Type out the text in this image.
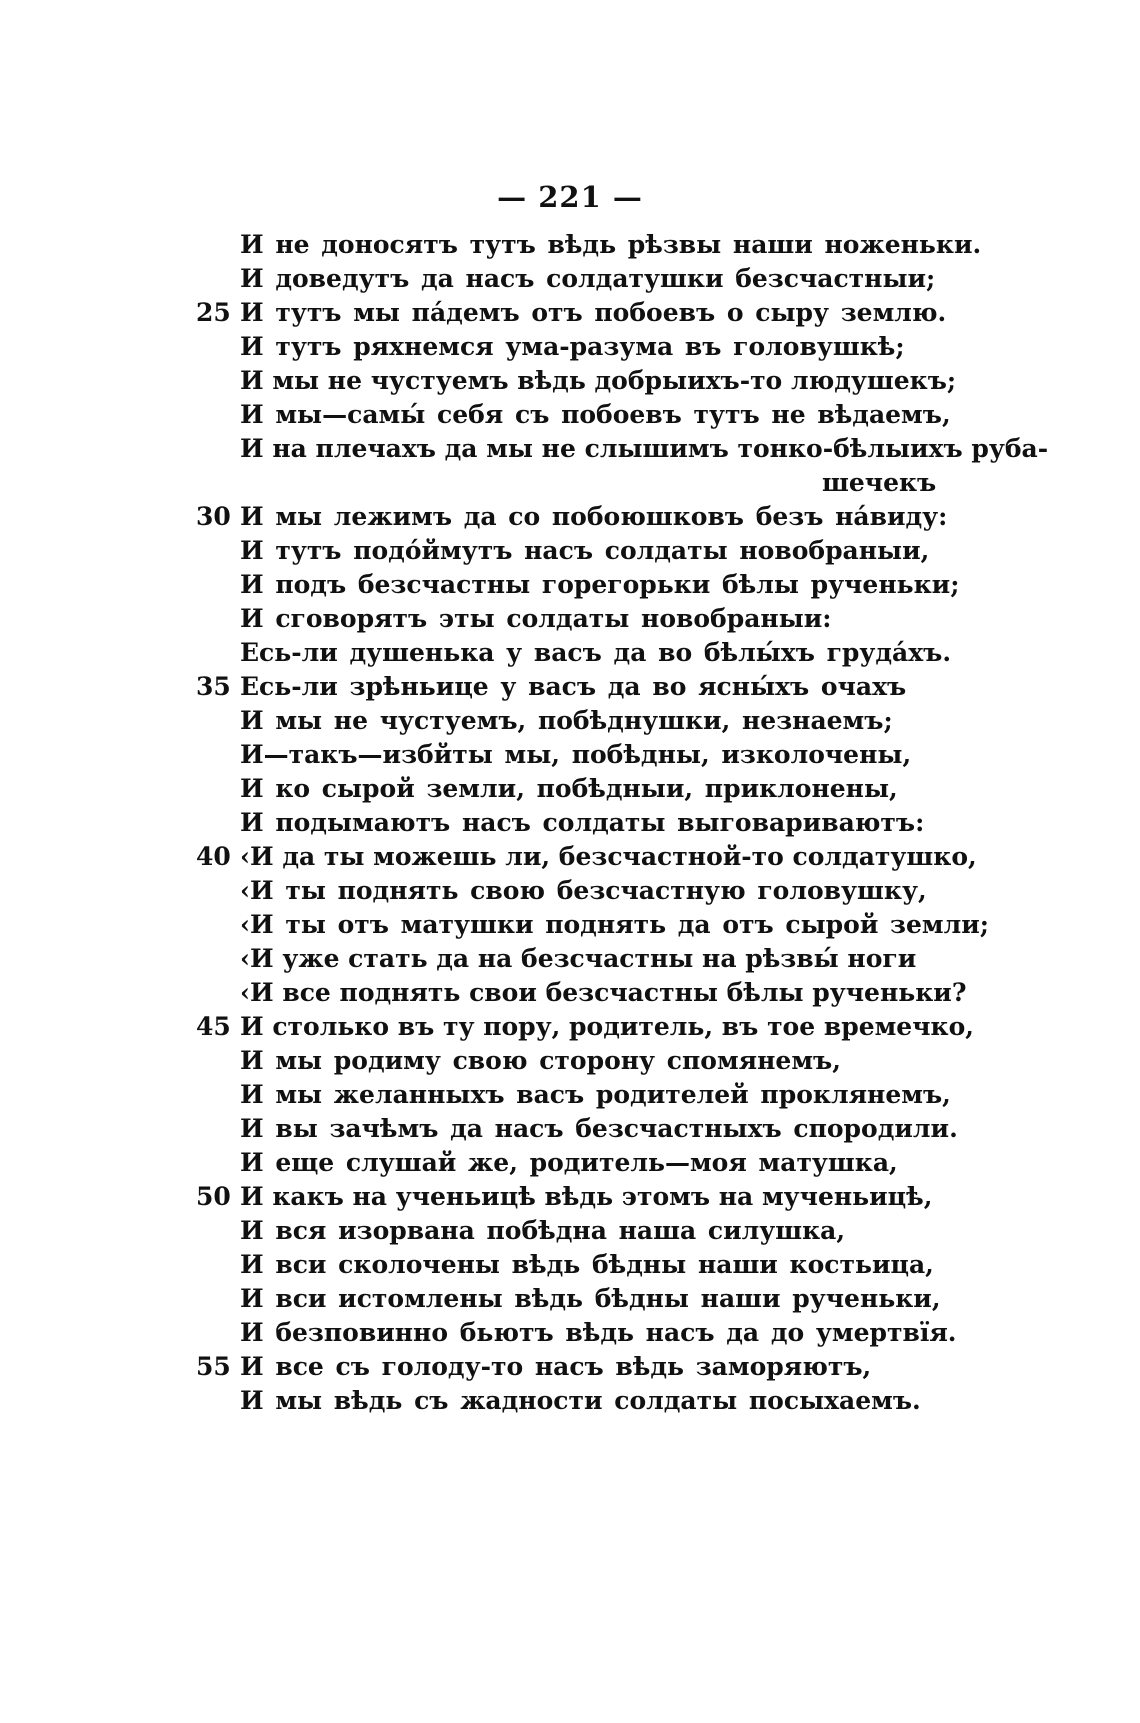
— 221 —
И не доносятъ тутъ вѣдь рѣзвы наши ноженьки.
И доведутъ да насъ солдатушки безсчастныи;
25 И тутъ мы па́демъ отъ побоевъ о сыру землю.
И тутъ ряхнемся ума-разума въ головушкѣ;
И мы не чустуемъ вѣдь добрыихъ-то людушекъ;
И мы—самы́ себя съ побоевъ тутъ не вѣдаемъ,
И на плечахъ да мы не слышимъ тонко-бѣлыихъ руба-
шечекъ
30 И мы лежимъ да со побоюшковъ безъ на́виду:
И тутъ подо́ймутъ насъ солдаты новобраныи,
И подъ безсчастны горегорьки бѣлы рученьки;
И сговорятъ эты солдаты новобраныи:
Есь-ли душенька у васъ да во бѣлы́хъ груда́хъ.
35 Есь-ли зрѣньице у васъ да во ясны́хъ очахъ
И мы не чустуемъ, побѣднушки, незнаемъ;
И—такъ—избйты мы, побѣдны, изколочены,
И ко сырой земли, побѣдныи, приклонены,
И подымаютъ насъ солдаты выговариваютъ:
40 ‹И да ты можешь ли, безсчастной-то солдатушко,
‹И ты поднять свою безсчастную головушку,
‹И ты отъ матушки поднять да отъ сырой земли;
‹И уже стать да на безсчастны на рѣзвы́ ноги
‹И все поднять свои безсчастны бѣлы рученьки?
45 И столько въ ту пору, родитель, въ тое времечко,
И мы родиму свою сторону спомянемъ,
И мы желанныхъ васъ родителей проклянемъ,
И вы зачѣмъ да насъ безсчастныхъ спородили.
И еще слушай же, родитель—моя матушка,
50 И какъ на ученьицѣ вѣдь этомъ на мученьицѣ,
И вся изорвана побѣдна наша силушка,
И вси сколочены вѣдь бѣдны наши костьица,
И вси истомлены вѣдь бѣдны наши рученьки,
И безповинно бьютъ вѣдь насъ да до умертвїя.
55 И все съ голоду-то насъ вѣдь заморяютъ,
И мы вѣдь съ жадности солдаты посыхаемъ.
